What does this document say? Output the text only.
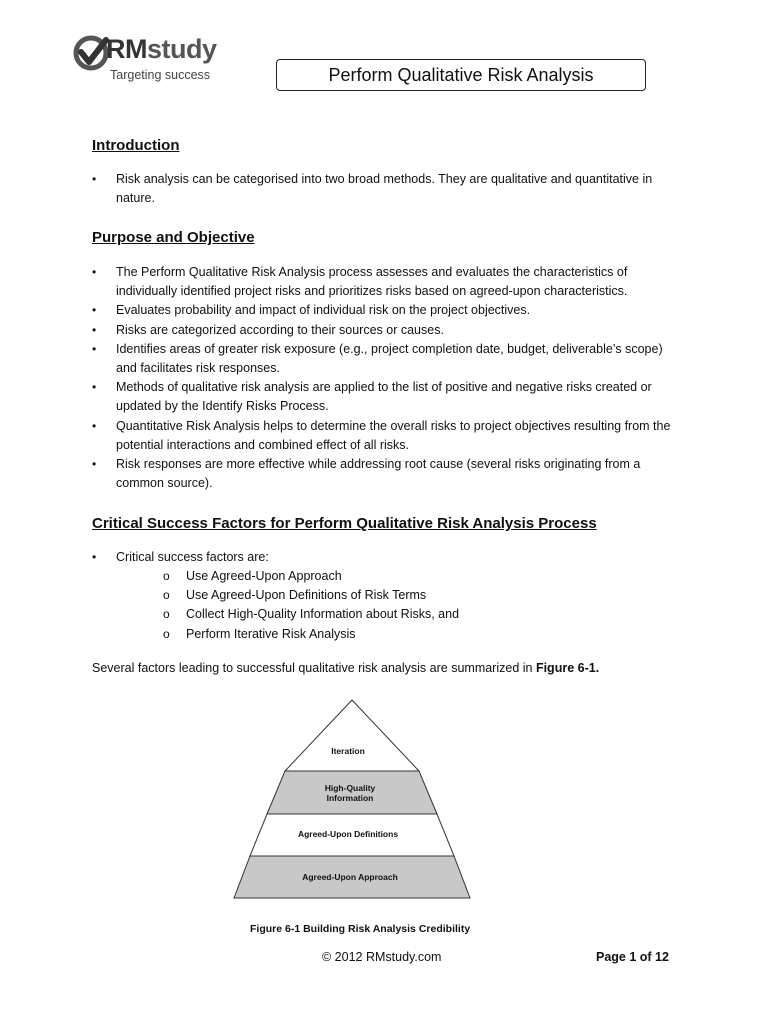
RMstudy
Targeting success	Perform Qualitative Risk Analysis
Introduction
• Risk analysis can be categorised into two broad methods. They are qualitative and quantitative in nature.
Purpose and Objective
• The Perform Qualitative Risk Analysis process assesses and evaluates the characteristics of individually identified project risks and prioritizes risks based on agreed-upon characteristics.
• Evaluates probability and impact of individual risk on the project objectives.
• Risks are categorized according to their sources or causes.
• Identifies areas of greater risk exposure (e.g., project completion date, budget, deliverable’s scope) and facilitates risk responses.
• Methods of qualitative risk analysis are applied to the list of positive and negative risks created or updated by the Identify Risks Process.
• Quantitative Risk Analysis helps to determine the overall risks to project objectives resulting from the potential interactions and combined effect of all risks.
• Risk responses are more effective while addressing root cause (several risks originating from a common source).
Critical Success Factors for Perform Qualitative Risk Analysis Process
• Critical success factors are:
o Use Agreed-Upon Approach
o Use Agreed-Upon Definitions of Risk Terms
o Collect High-Quality Information about Risks, and
o Perform Iterative Risk Analysis
Several factors leading to successful qualitative risk analysis are summarized in Figure 6-1.
Iteration
High-Quality
Information
Agreed-Upon Definitions
Agreed-Upon Approach
Figure 6-1 Building Risk Analysis Credibility
© 2012 RMstudy.com	Page 1 of 12
